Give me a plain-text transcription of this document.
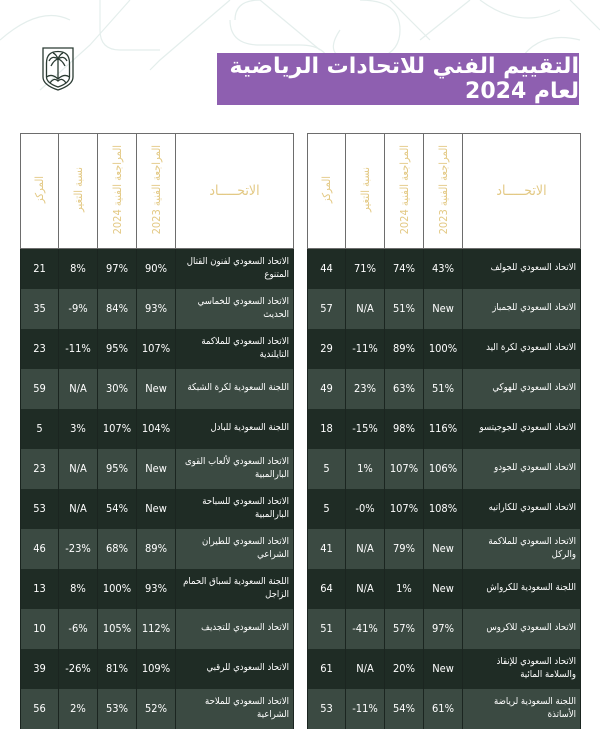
التقييم الفني للاتحادات الرياضية لعام 2024
الاتحـــــاد	المراجعة الفنية 2023	المراجعة الفنية 2024	نسبة التغير	المركز
الاتحاد السعودي للجولف	43%	74%	71%	44
الاتحاد السعودي للجمباز	New	51%	N/A	57
الاتحاد السعودي لكرة اليد	100%	89%	11%-	29
الاتحاد السعودي للهوكي	51%	63%	23%	49
الاتحاد السعودي للجوجيتسو	116%	98%	15%-	18
الاتحاد السعودي للجودو	106%	107%	1%	5
الاتحاد السعودي للكاراتيه	108%	107%	0%-	5
الاتحاد السعودي للملاكمة والركل	New	79%	N/A	41
اللجنة السعودية للكرواش	New	1%	N/A	64
الاتحاد السعودي للاكروس	97%	57%	41%-	51
الاتحاد السعودي للإنقاذ والسلامة المائية	New	20%	N/A	61
اللجنة السعودية لرياضة الأساتذة	61%	54%	11%-	53
الاتحـــــاد	المراجعة الفنية 2023	المراجعة الفنية 2024	نسبة التغير	المركز
الاتحاد السعودي لفنون القتال المتنوع	90%	97%	8%	21
الاتحاد السعودي للخماسي الحديث	93%	84%	9%-	35
الاتحاد السعودي للملاكمة التايلندية	107%	95%	11%-	23
اللجنة السعودية لكرة الشبكة	New	30%	N/A	59
اللجنة السعودية للبادل	104%	107%	3%	5
الاتحاد السعودي لألعاب القوى البارالمبية	New	95%	N/A	23
الاتحاد السعودي للسباحة البارالمبية	New	54%	N/A	53
الاتحاد السعودي للطيران الشراعي	89%	68%	23%-	46
اللجنة السعودية لسباق الحمام الزاجل	93%	100%	8%	13
الاتحاد السعودي للتجديف	112%	105%	6%-	10
الاتحاد السعودي للرقبي	109%	81%	26%-	39
الاتحاد السعودي للملاحة الشراعية	52%	53%	2%	56
